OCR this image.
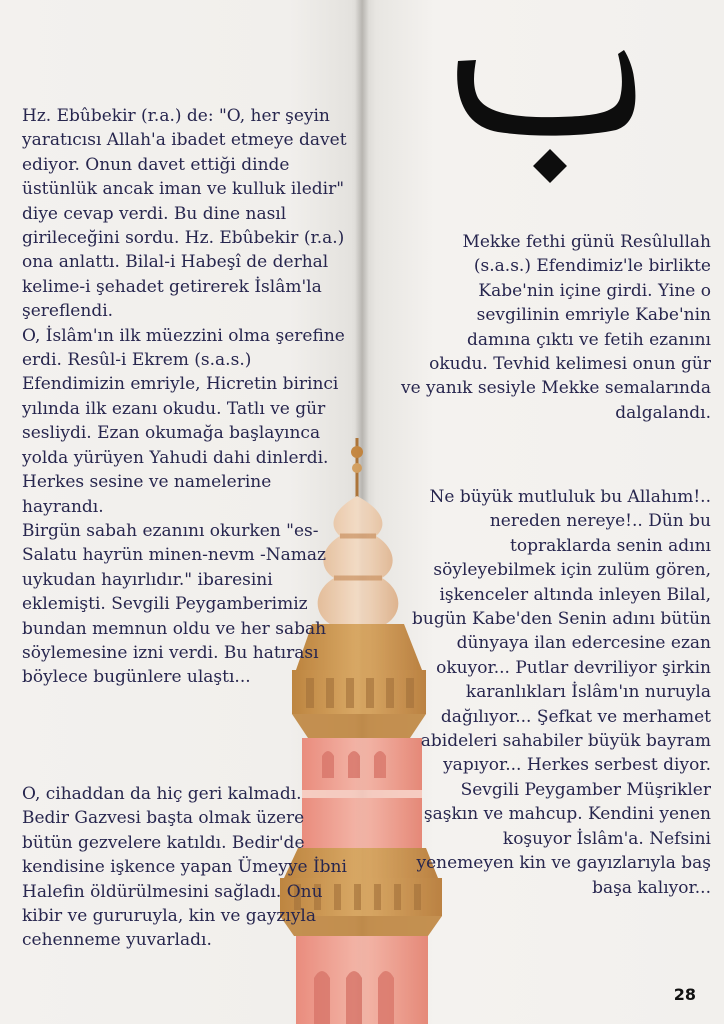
Hz. Ebûbekir (r.a.) de: "O, her şeyin
yaratıcısı Allah'a ibadet etmeye davet
ediyor. Onun davet ettiği dinde
üstünlük ancak iman ve kulluk iledir"
diye cevap verdi. Bu dine nasıl
girileceğini sordu. Hz. Ebûbekir (r.a.)
ona anlattı. Bilal-i Habeşî de derhal
kelime-i şehadet getirerek İslâm'la
şereflendi.
O, İslâm'ın ilk müezzini olma şerefine
erdi. Resûl-i Ekrem (s.a.s.)
Efendimizin emriyle, Hicretin birinci
yılında ilk ezanı okudu. Tatlı ve gür
sesliydi. Ezan okumağa başlayınca
yolda yürüyen Yahudi dahi dinlerdi.
Herkes sesine ve namelerine hayrandı.
Birgün sabah ezanını okurken "es-
Salatu hayrün minen-nevm -Namaz
uykudan hayırlıdır." ibaresini
eklemişti. Sevgili Peygamberimiz
bundan memnun oldu ve her sabah
söylemesine izni verdi. Bu hatırası
böylece bugünlere ulaştı...

O, cihaddan da hiç geri kalmadı.
Bedir Gazvesi başta olmak üzere
bütün gezvelere katıldı. Bedir'de
kendisine işkence yapan Ümeyye İbni
Halefin öldürülmesini sağladı. Onu
kibir ve gururuyla, kin ve gayzıyla
cehenneme yuvarladı.

Mekke fethi günü Resûlullah
(s.a.s.) Efendimiz'le birlikte
Kabe'nin içine girdi. Yine o
sevgilinin emriyle Kabe'nin
damına çıktı ve fetih ezanını
okudu. Tevhid kelimesi onun gür
ve yanık sesiyle Mekke semalarında
dalgalandı.

Ne büyük mutluluk bu Allahım!..
nereden nereye!.. Dün bu
topraklarda senin adını
söyleyebilmek için zulüm gören,
işkenceler altında inleyen Bilal,
bugün Kabe'den Senin adını bütün
dünyaya ilan edercesine ezan
okuyor... Putlar devriliyor şirkin
karanlıkları İslâm'ın nuruyla
dağılıyor... Şefkat ve merhamet
abideleri sahabiler büyük bayram
yapıyor... Herkes serbest diyor.
Sevgili Peygamber Müşrikler
şaşkın ve mahcup. Kendini yenen
koşuyor İslâm'a. Nefsini
yenemeyen kin ve gayızlarıyla baş
başa kalıyor...

28
